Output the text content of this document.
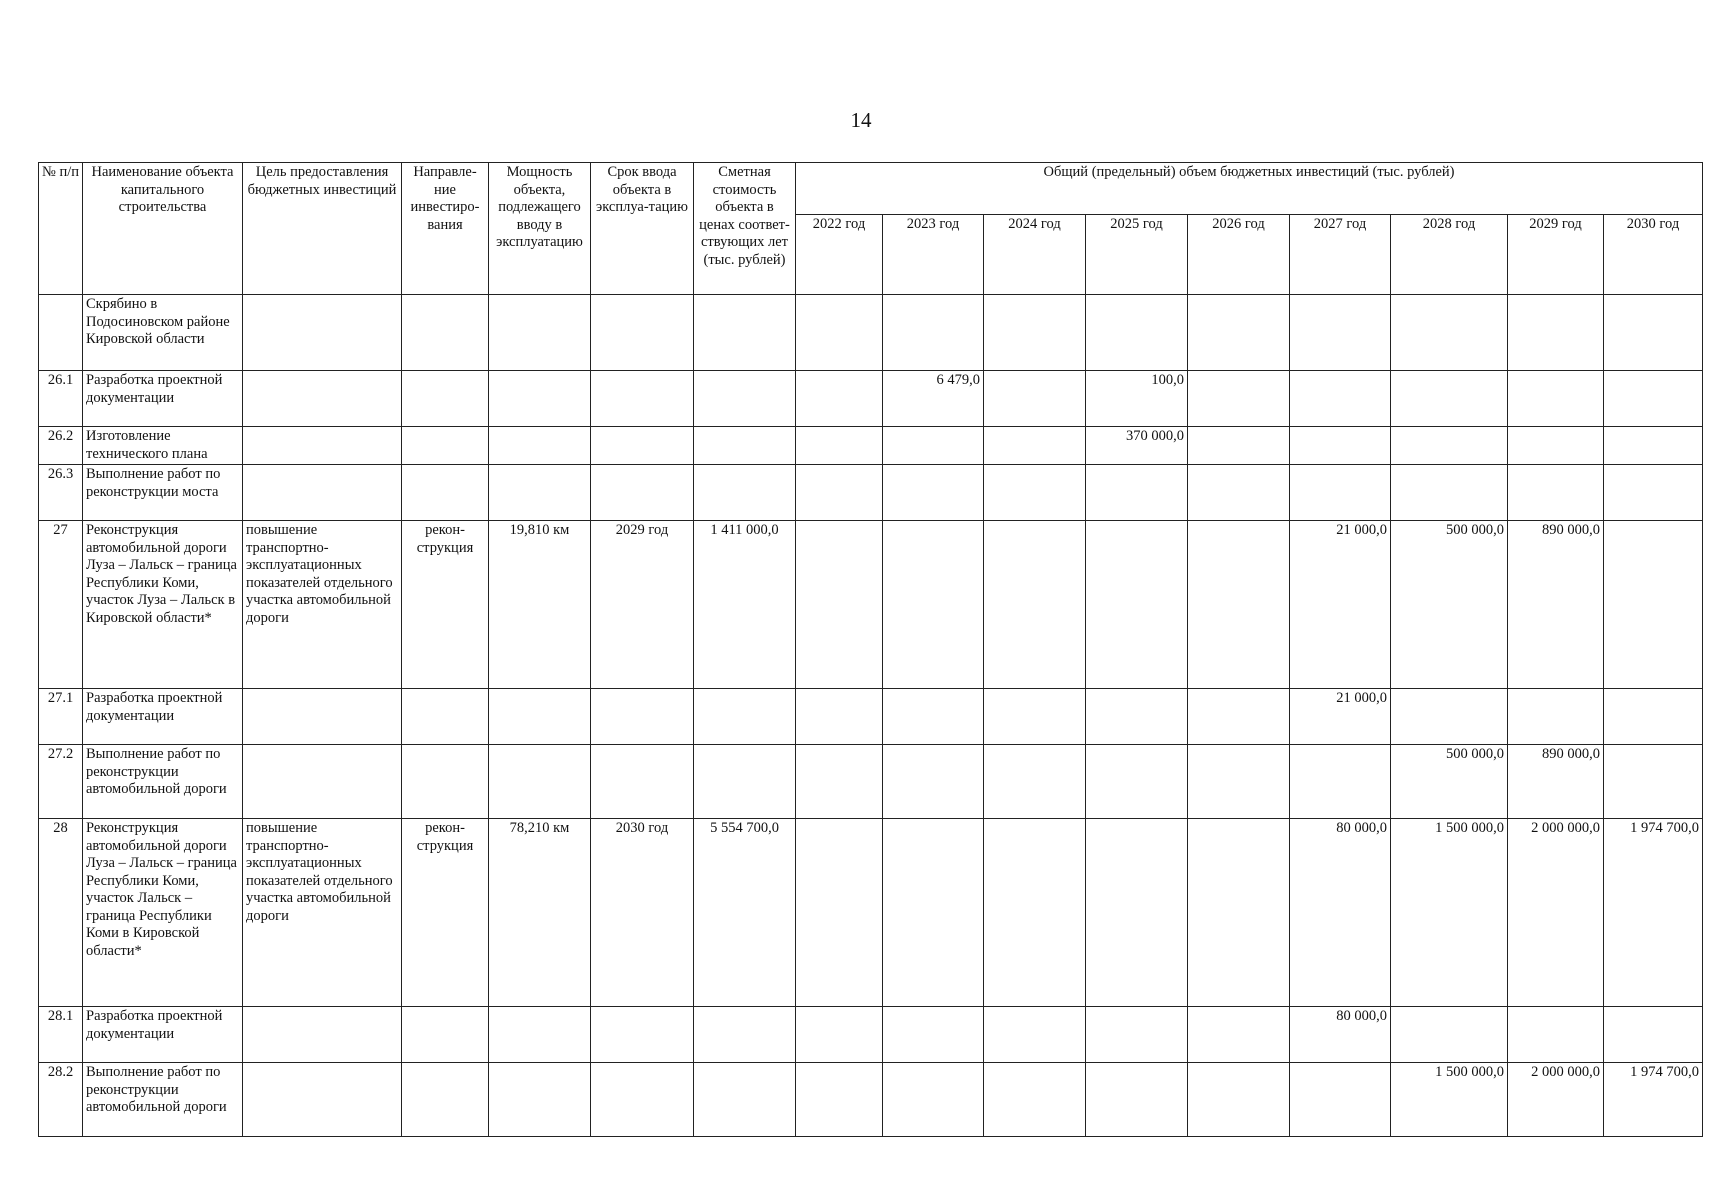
14
№ п/п	Наименование объекта капитального строительства	Цель предоставления бюджетных инвестиций	Направле-ние инвестиро-вания	Мощность объекта, подлежащего вводу в эксплуатацию	Срок ввода объекта в эксплуа-тацию	Сметная стоимость объекта в ценах соответ-ствующих лет (тыс. рублей)	Общий (предельный) объем бюджетных инвестиций (тыс. рублей)								
							2022 год	2023 год	2024 год	2025 год	2026 год	2027 год	2028 год	2029 год	2030 год
	Скрябино в Подосиновском районе Кировской области														
26.1	Разработка проектной документации							6 479,0		100,0					
26.2	Изготовление технического плана									370 000,0					
26.3	Выполнение работ по реконструкции моста														
27	Реконструкция автомобильной дороги Луза – Лальск – граница Республики Коми, участок Луза – Лальск в Кировской области*	повышение транспортно-эксплуатационных показателей отдельного участка автомобильной дороги	рекон-струкция	19,810 км	2029 год	1 411 000,0						21 000,0	500 000,0	890 000,0	
27.1	Разработка проектной документации											21 000,0			
27.2	Выполнение работ по реконструкции автомобильной дороги												500 000,0	890 000,0	
28	Реконструкция автомобильной дороги Луза – Лальск – граница Республики Коми, участок Лальск – граница Республики Коми в Кировской области*	повышение транспортно-эксплуатационных показателей отдельного участка автомобильной дороги	рекон-струкция	78,210 км	2030 год	5 554 700,0						80 000,0	1 500 000,0	2 000 000,0	1 974 700,0
28.1	Разработка проектной документации											80 000,0			
28.2	Выполнение работ по реконструкции автомобильной дороги												1 500 000,0	2 000 000,0	1 974 700,0
